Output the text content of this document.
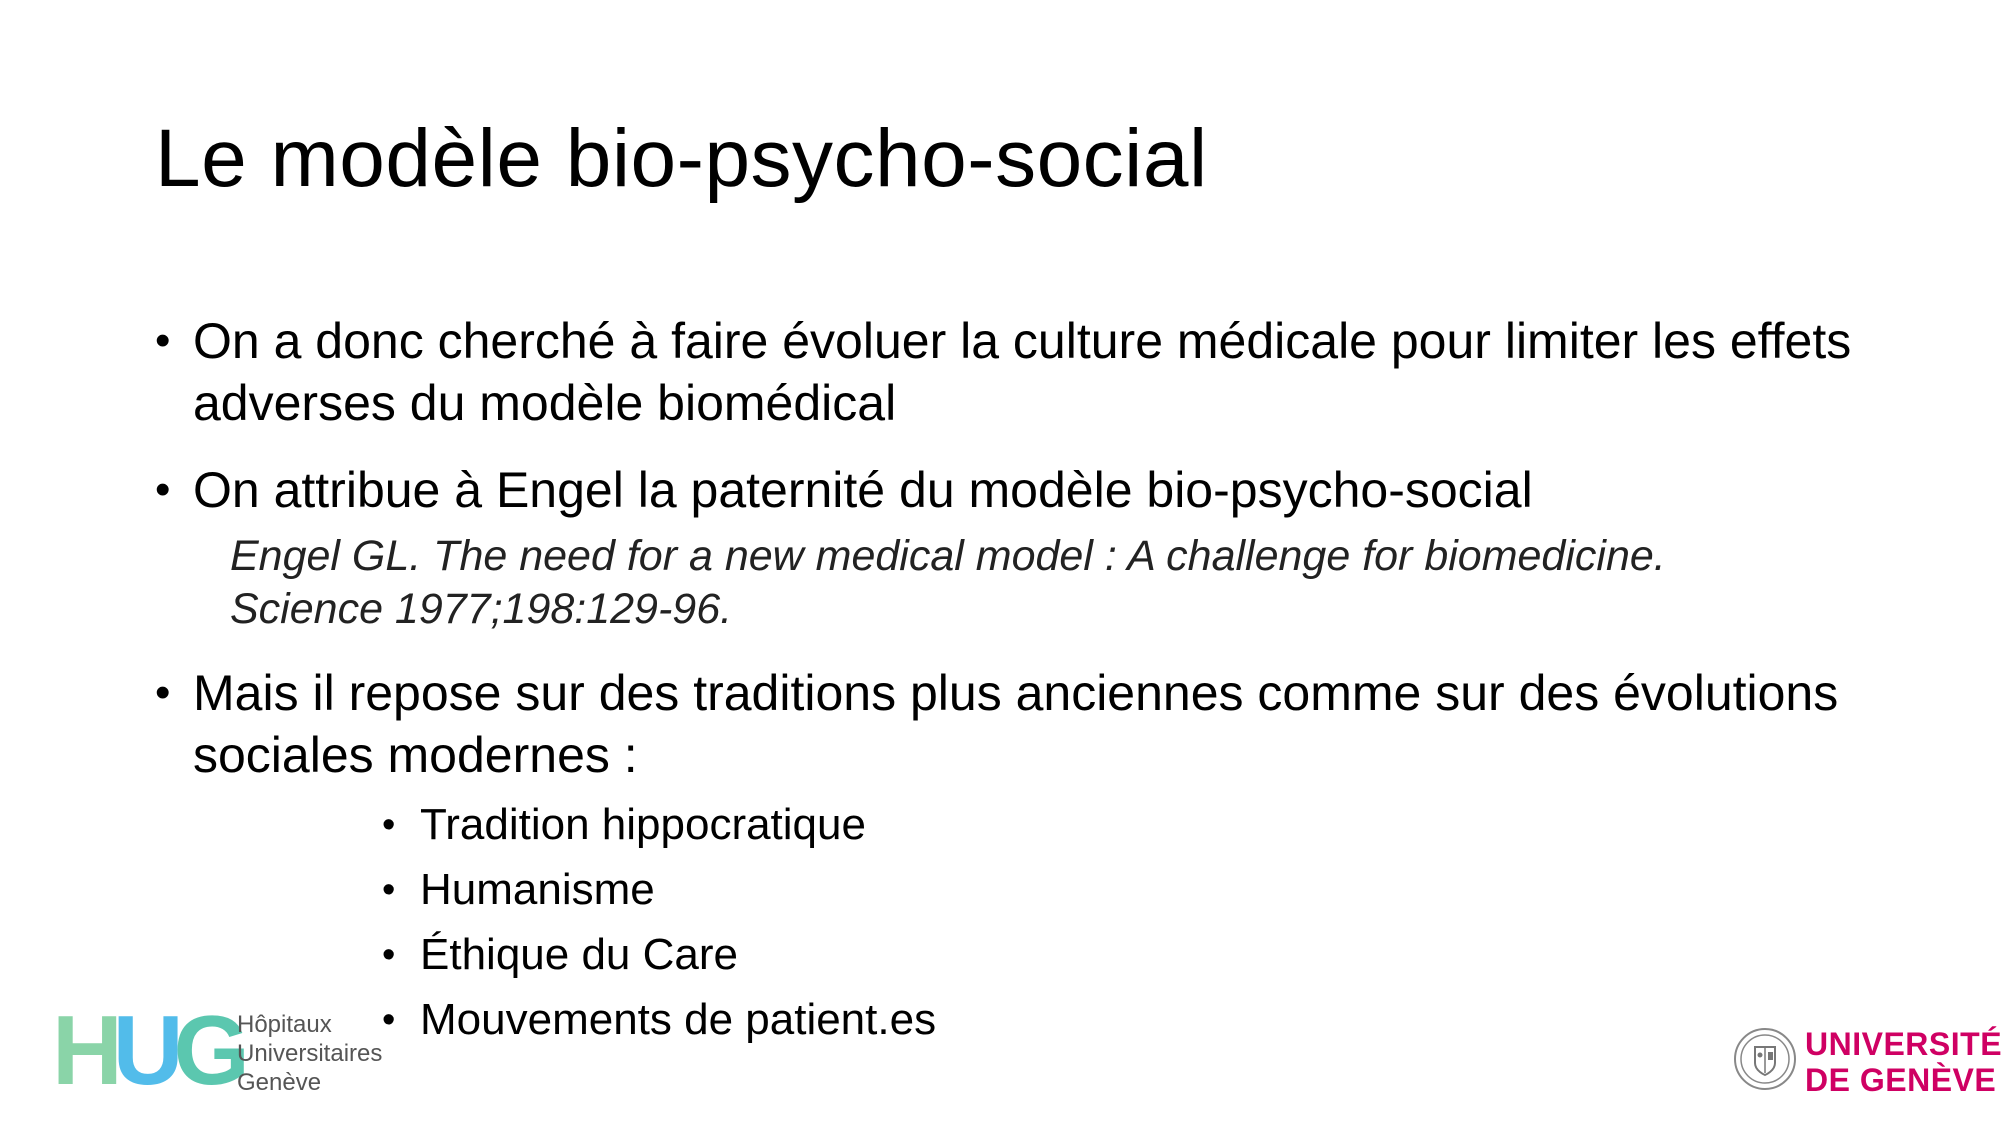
Le modèle bio-psycho-social
• On a donc cherché à faire évoluer la culture médicale pour limiter les effets adverses du modèle biomédical
• On attribue à Engel la paternité du modèle bio-psycho-social
Engel GL. The need for a new medical model : A challenge for biomedicine.
Science 1977;198:129-96.
• Mais il repose sur des traditions plus anciennes comme sur des évolutions sociales modernes :
• Tradition hippocratique
• Humanisme
• Éthique du Care
• Mouvements de patient.es
HUG
Hôpitaux
Universitaires
Genève
UNIVERSITÉ
DE GENÈVE
